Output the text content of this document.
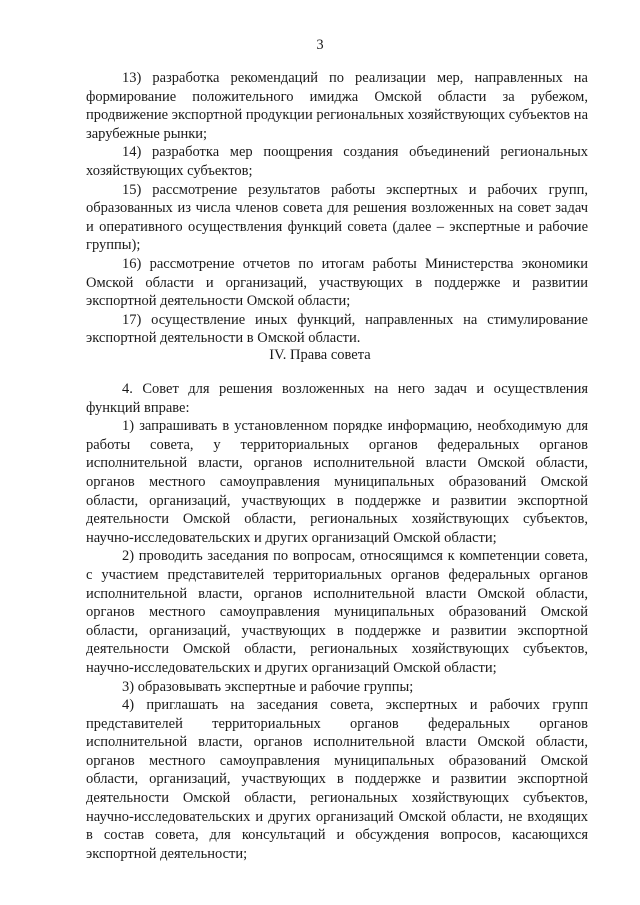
3

13) разработка рекомендаций по реализации мер, направленных на формирование положительного имиджа Омской области за рубежом, продвижение экспортной продукции региональных хозяйствующих субъектов на зарубежные рынки;

14) разработка мер поощрения создания объединений региональных хозяйствующих субъектов;

15) рассмотрение результатов работы экспертных и рабочих групп, образованных из числа членов совета для решения возложенных на совет задач и оперативного осуществления функций совета (далее – экспертные и рабочие группы);

16) рассмотрение отчетов по итогам работы Министерства экономики Омской области и организаций, участвующих в поддержке и развитии экспортной деятельности Омской области;

17) осуществление иных функций, направленных на стимулирование экспортной деятельности в Омской области.

IV. Права совета

4. Совет для решения возложенных на него задач и осуществления функций вправе:

1) запрашивать в установленном порядке информацию, необходимую для работы совета, у территориальных органов федеральных органов исполнительной власти, органов исполнительной власти Омской области, органов местного самоуправления муниципальных образований Омской области, организаций, участвующих в поддержке и развитии экспортной деятельности Омской области, региональных хозяйствующих субъектов, научно-исследовательских и других организаций Омской области;

2) проводить заседания по вопросам, относящимся к компетенции совета, с участием представителей территориальных органов федеральных органов исполнительной власти, органов исполнительной власти Омской области, органов местного самоуправления муниципальных образований Омской области, организаций, участвующих в поддержке и развитии экспортной деятельности Омской области, региональных хозяйствующих субъектов, научно-исследовательских и других организаций Омской области;

3) образовывать экспертные и рабочие группы;

4) приглашать на заседания совета, экспертных и рабочих групп представителей территориальных органов федеральных органов исполнительной власти, органов исполнительной власти Омской области, органов местного самоуправления муниципальных образований Омской области, организаций, участвующих в поддержке и развитии экспортной деятельности Омской области, региональных хозяйствующих субъектов, научно-исследовательских и других организаций Омской области, не входящих в состав совета, для консультаций и обсуждения вопросов, касающихся экспортной деятельности;
